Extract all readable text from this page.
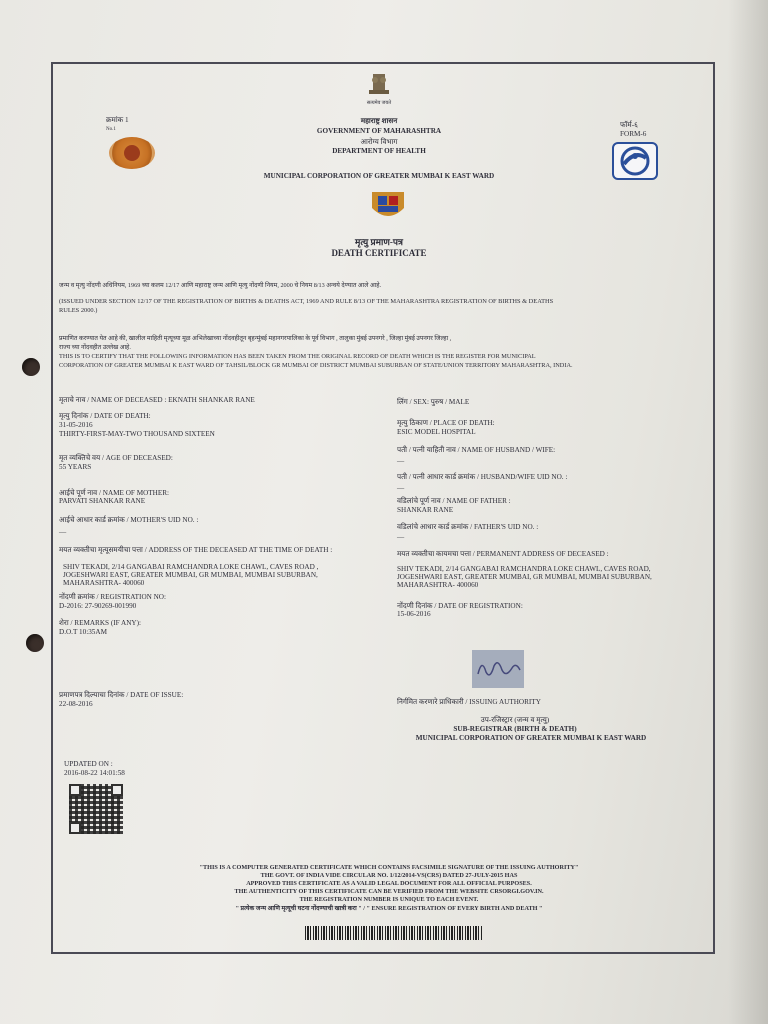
क्रमांक 1
No.1
फॉर्म-६
FORM-6
सत्यमेव जयते
महाराष्ट्र शासन
GOVERNMENT OF MAHARASHTRA
आरोग्य विभाग
DEPARTMENT OF HEALTH
MUNICIPAL CORPORATION OF GREATER MUMBAI K EAST WARD
मृत्यु प्रमाण-पत्र
DEATH CERTIFICATE
जन्म व मृत्यु नोंदणी अधिनियम, 1969 च्या कलम 12/17 आणि महाराष्ट्र जन्म आणि मृत्यु नोंदणी नियम, 2000 चे नियम 8/13 अन्वये देण्यात आले आहे.
(ISSUED UNDER SECTION 12/17 OF THE REGISTRATION OF BIRTHS & DEATHS ACT, 1969 AND RULE 8/13 OF THE MAHARASHTRA REGISTRATION OF BIRTHS & DEATHS
RULES 2000.)
प्रमाणित करण्यात येत आहे की, खालील माहिती मृत्यूच्या मूळ अभिलेखाच्या नोंदवहीतून बृहन्मुंबई महानगरपालिका के पूर्व विभाग , तालुका मुंबई उपनगरे , जिल्हा मुंबई उपनगर जिल्हा ,
राज्य च्या नोंदवहीत उल्लेख आहे.
THIS IS TO CERTIFY THAT THE FOLLOWING INFORMATION HAS BEEN TAKEN FROM THE ORIGINAL RECORD OF DEATH WHICH IS THE REGISTER FOR MUNICIPAL
CORPORATION OF GREATER MUMBAI K EAST WARD OF TAHSIL/BLOCK GR MUMBAI OF DISTRICT MUMBAI SUBURBAN OF STATE/UNION TERRITORY MAHARASHTRA, INDIA.
मृताचे नाव / NAME OF DECEASED : EKNATH SHANKAR RANE
मृत्यु दिनांक / DATE OF DEATH:
31-05-2016
THIRTY-FIRST-MAY-TWO THOUSAND SIXTEEN
मृत व्यक्तिचे वय / AGE OF DECEASED:
55 YEARS
आईचे पूर्ण नाव / NAME OF MOTHER:
PARVATI SHANKAR RANE
आईचे आधार कार्ड क्रमांक / MOTHER'S UID NO. :
—
मयत व्यक्तीचा मृत्यूसमयीचा पत्ता / ADDRESS OF THE DECEASED AT THE TIME OF DEATH :
SHIV TEKADI, 2/14 GANGABAI RAMCHANDRA LOKE CHAWL, CAVES ROAD ,
JOGESHWARI EAST, GREATER MUMBAI, GR MUMBAI, MUMBAI SUBURBAN,
MAHARASHTRA- 400060
नोंदणी क्रमांक / REGISTRATION NO:
D-2016: 27-90269-001990
शेरा / REMARKS (IF ANY):
D.O.T 10:35AM
प्रमाणपत्र दिल्याचा दिनांक / DATE OF ISSUE:
22-08-2016
लिंग / SEX: पुरुष / MALE
मृत्यु ठिकाण / PLACE OF DEATH:
ESIC MODEL HOSPITAL
पती / पत्नी याहिती नाव / NAME OF HUSBAND / WIFE:
—
पती / पत्नी आधार कार्ड क्रमांक / HUSBAND/WIFE UID NO. :
—
वडिलांचे पूर्ण नाव / NAME OF FATHER :
SHANKAR RANE
वडिलांचे आधार कार्ड क्रमांक / FATHER'S UID NO. :
—
मयत व्यक्तीचा कायमचा पत्ता / PERMANENT ADDRESS OF DECEASED :
SHIV TEKADI, 2/14 GANGABAI RAMCHANDRA LOKE CHAWL, CAVES ROAD,
JOGESHWARI EAST, GREATER MUMBAI, GR MUMBAI, MUMBAI SUBURBAN,
MAHARASHTRA- 400060
नोंदणी दिनांक / DATE OF REGISTRATION:
15-06-2016
निर्गमित करणारे प्राधिकारी / ISSUING AUTHORITY
उप-रजिस्ट्रार (जन्म व मृत्यु)
SUB-REGISTRAR (BIRTH & DEATH)
MUNICIPAL CORPORATION OF GREATER MUMBAI K EAST WARD
UPDATED ON :
2016-08-22 14:01:58
"THIS IS A COMPUTER GENERATED CERTIFICATE WHICH CONTAINS FACSIMILE SIGNATURE OF THE ISSUING AUTHORITY"
THE GOVT. OF INDIA VIDE CIRCULAR NO. 1/12/2014-VS(CRS) DATED 27-JULY-2015 HAS
APPROVED THIS CERTIFICATE AS A VALID LEGAL DOCUMENT FOR ALL OFFICIAL PURPOSES.
THE AUTHENTICITY OF THIS CERTIFICATE CAN BE VERIFIED FROM THE WEBSITE CRSORGI.GOV.IN.
THE REGISTRATION NUMBER IS UNIQUE TO EACH EVENT.
" प्रत्येक जन्म आणि मृत्यूची घटना नोंदण्याची खात्री करा " / " ENSURE REGISTRATION OF EVERY BIRTH AND DEATH "
